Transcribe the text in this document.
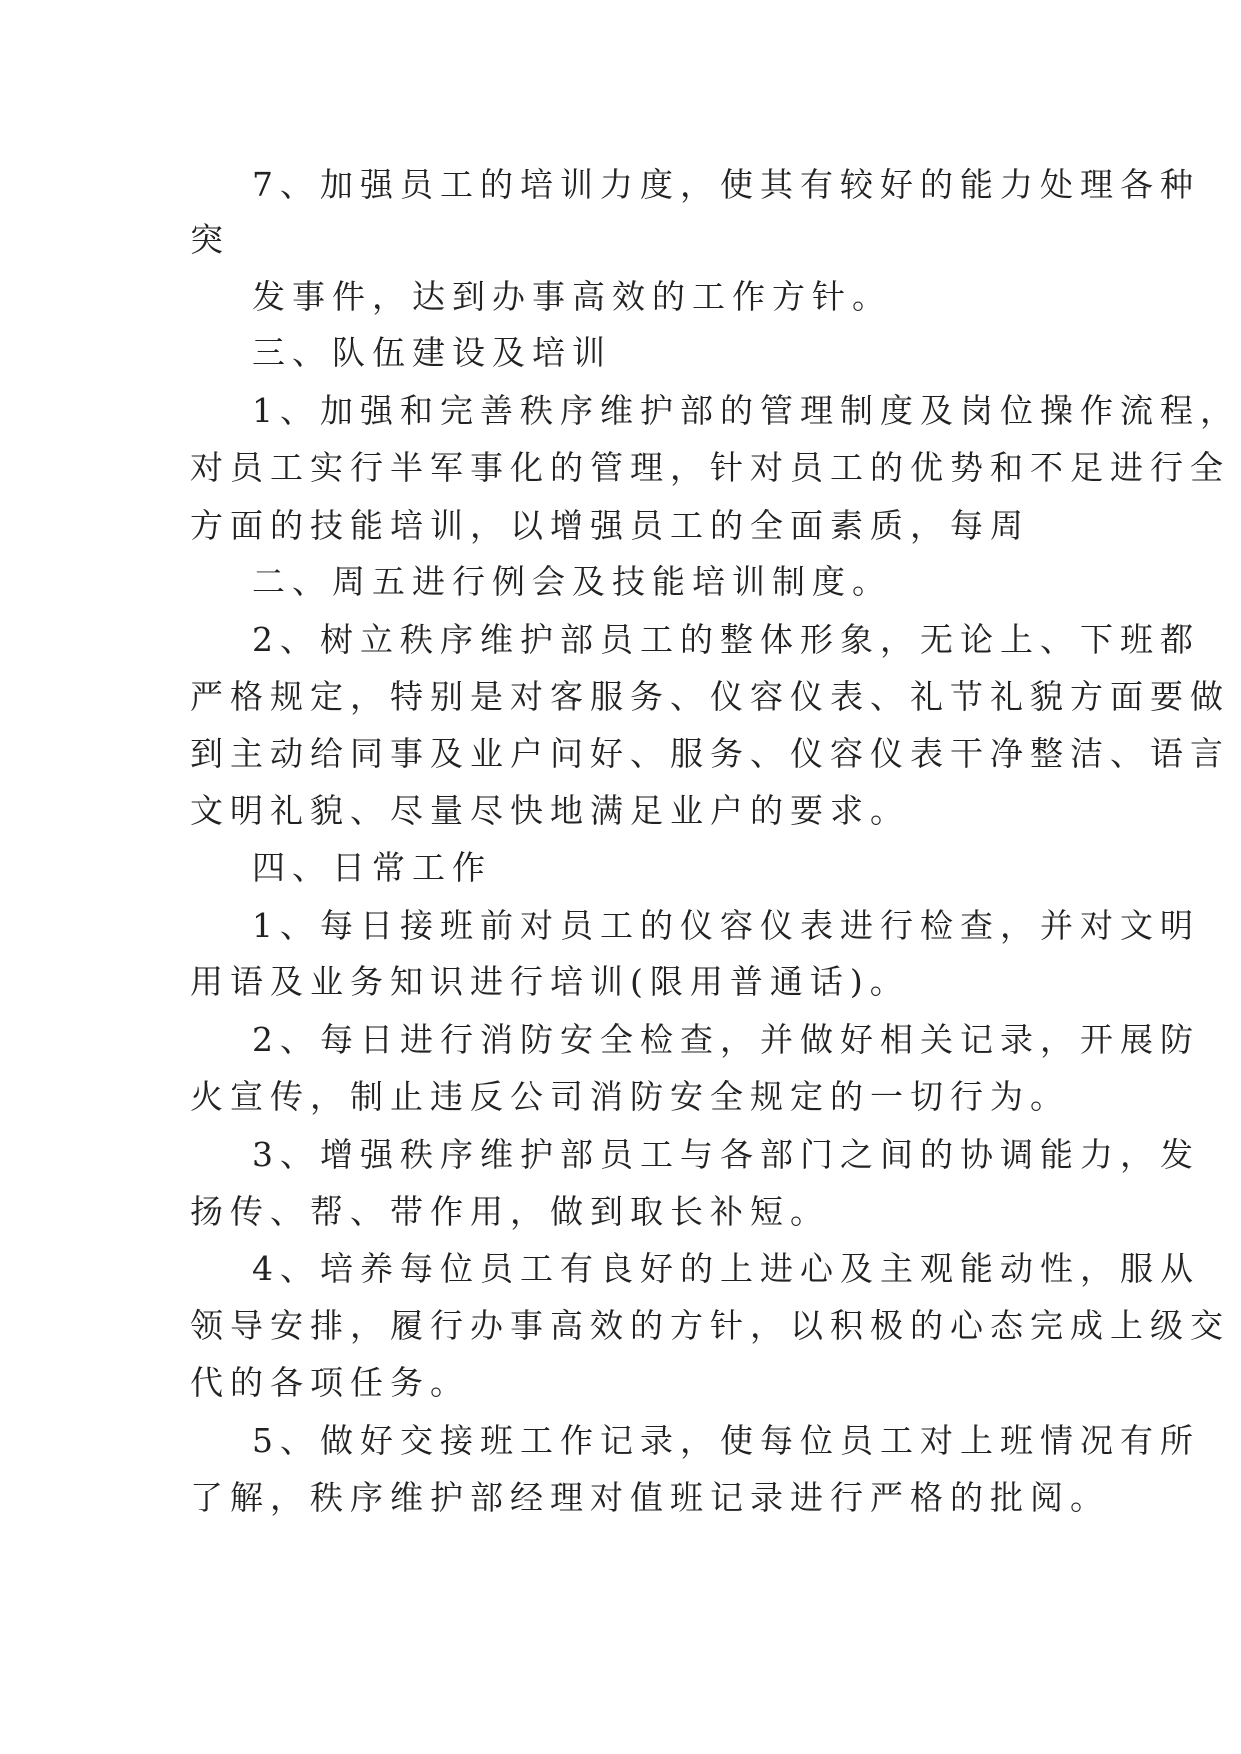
7、加强员工的培训力度，使其有较好的能力处理各种
突
发事件，达到办事高效的工作方针。
三、队伍建设及培训
1、加强和完善秩序维护部的管理制度及岗位操作流程，
对员工实行半军事化的管理，针对员工的优势和不足进行全
方面的技能培训，以增强员工的全面素质，每周
二、周五进行例会及技能培训制度。
2、树立秩序维护部员工的整体形象，无论上、下班都
严格规定，特别是对客服务、仪容仪表、礼节礼貌方面要做
到主动给同事及业户问好、服务、仪容仪表干净整洁、语言
文明礼貌、尽量尽快地满足业户的要求。
四、日常工作
1、每日接班前对员工的仪容仪表进行检查，并对文明
用语及业务知识进行培训(限用普通话)。
2、每日进行消防安全检查，并做好相关记录，开展防
火宣传，制止违反公司消防安全规定的一切行为。
3、增强秩序维护部员工与各部门之间的协调能力，发
扬传、帮、带作用，做到取长补短。
4、培养每位员工有良好的上进心及主观能动性，服从
领导安排，履行办事高效的方针，以积极的心态完成上级交
代的各项任务。
5、做好交接班工作记录，使每位员工对上班情况有所
了解，秩序维护部经理对值班记录进行严格的批阅。
